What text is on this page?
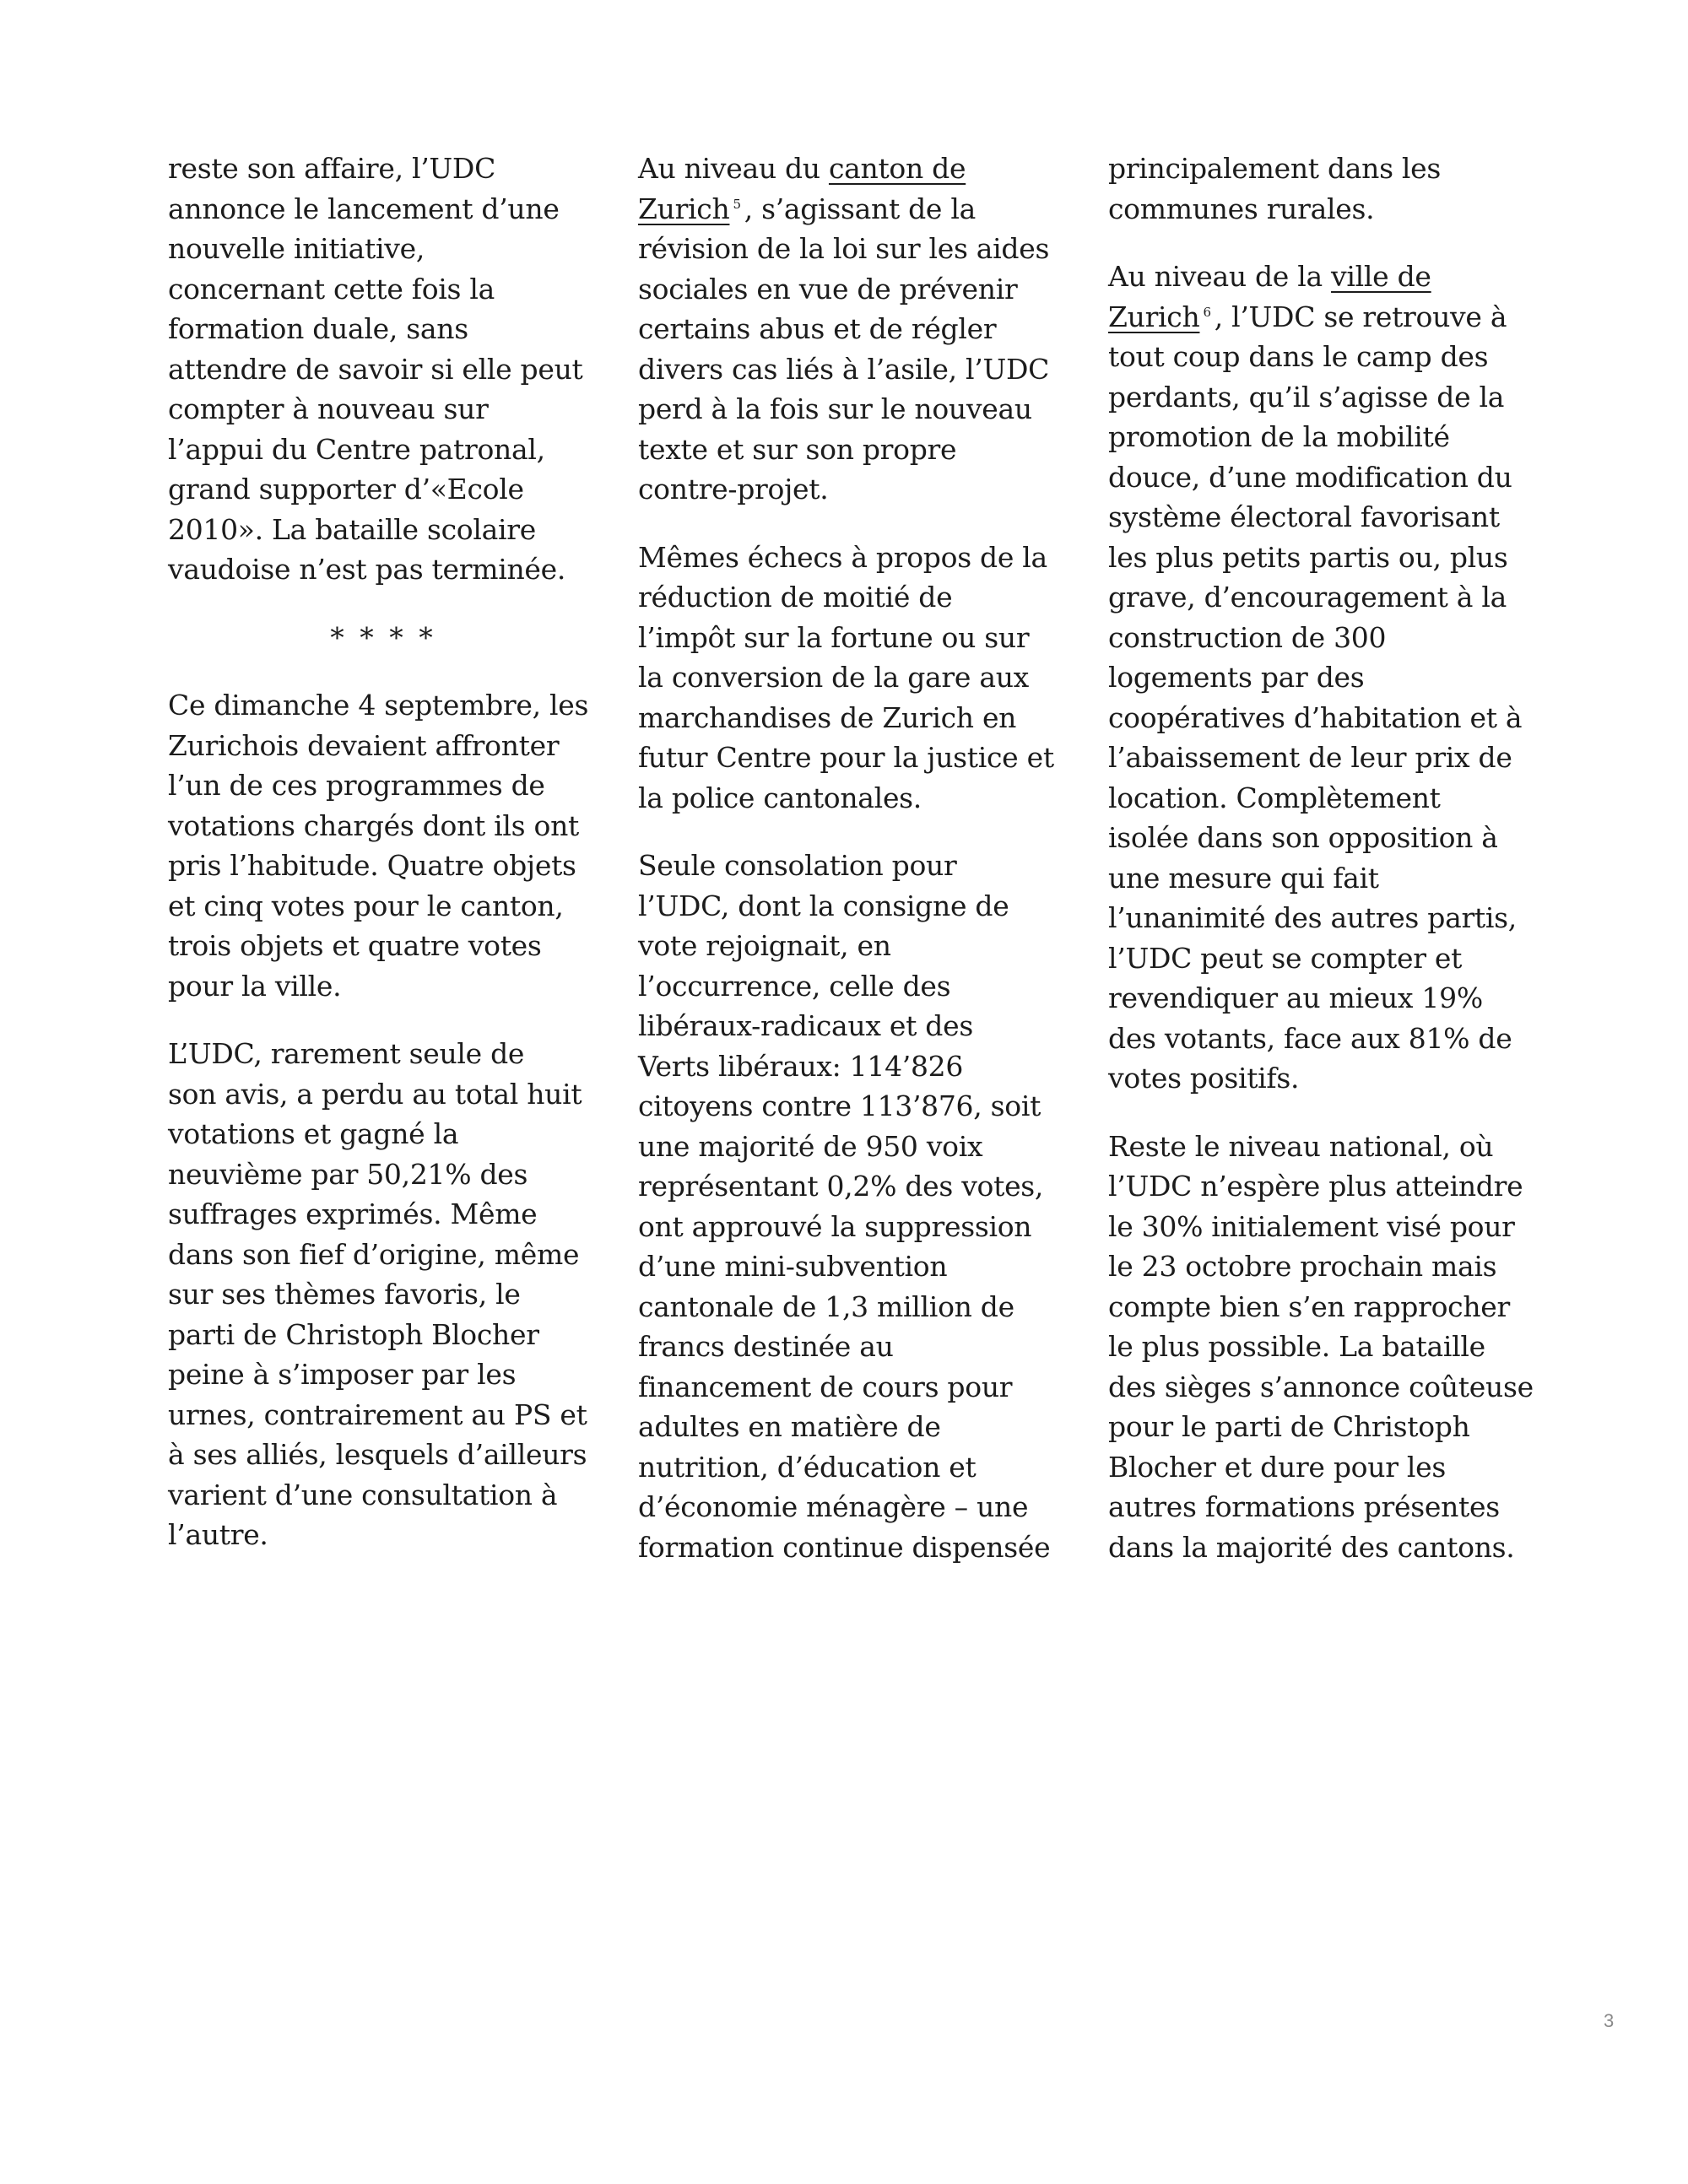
reste son affaire, l’UDC
annonce le lancement d’une
nouvelle initiative,
concernant cette fois la
formation duale, sans
attendre de savoir si elle peut
compter à nouveau sur
l’appui du Centre patronal,
grand supporter d’«Ecole
2010». La bataille scolaire
vaudoise n’est pas terminée.
* * * *
Ce dimanche 4 septembre, les
Zurichois devaient affronter
l’un de ces programmes de
votations chargés dont ils ont
pris l’habitude. Quatre objets
et cinq votes pour le canton,
trois objets et quatre votes
pour la ville.
L’UDC, rarement seule de
son avis, a perdu au total huit
votations et gagné la
neuvième par 50,21% des
suffrages exprimés. Même
dans son fief d’origine, même
sur ses thèmes favoris, le
parti de Christoph Blocher
peine à s’imposer par les
urnes, contrairement au PS et
à ses alliés, lesquels d’ailleurs
varient d’une consultation à
l’autre.
Au niveau du canton de
Zurich $^5$ , s’agissant de la
révision de la loi sur les aides
sociales en vue de prévenir
certains abus et de régler
divers cas liés à l’asile, l’UDC
perd à la fois sur le nouveau
texte et sur son propre
contre-projet.
Mêmes échecs à propos de la
réduction de moitié de
l’impôt sur la fortune ou sur
la conversion de la gare aux
marchandises de Zurich en
futur Centre pour la justice et
la police cantonales.
Seule consolation pour
l’UDC, dont la consigne de
vote rejoignait, en
l’occurrence, celle des
libéraux-radicaux et des
Verts libéraux: 114’826
citoyens contre 113’876, soit
une majorité de 950 voix
représentant 0,2% des votes,
ont approuvé la suppression
d’une mini-subvention
cantonale de 1,3 million de
francs destinée au
financement de cours pour
adultes en matière de
nutrition, d’éducation et
d’économie ménagère – une
formation continue dispensée
principalement dans les
communes rurales.
Au niveau de la ville de
Zurich $^6$ , l’UDC se retrouve à
tout coup dans le camp des
perdants, qu’il s’agisse de la
promotion de la mobilité
douce, d’une modification du
système électoral favorisant
les plus petits partis ou, plus
grave, d’encouragement à la
construction de 300
logements par des
coopératives d’habitation et à
l’abaissement de leur prix de
location. Complètement
isolée dans son opposition à
une mesure qui fait
l’unanimité des autres partis,
l’UDC peut se compter et
revendiquer au mieux 19%
des votants, face aux 81% de
votes positifs.
Reste le niveau national, où
l’UDC n’espère plus atteindre
le 30% initialement visé pour
le 23 octobre prochain mais
compte bien s’en rapprocher
le plus possible. La bataille
des sièges s’annonce coûteuse
pour le parti de Christoph
Blocher et dure pour les
autres formations présentes
dans la majorité des cantons.
3
